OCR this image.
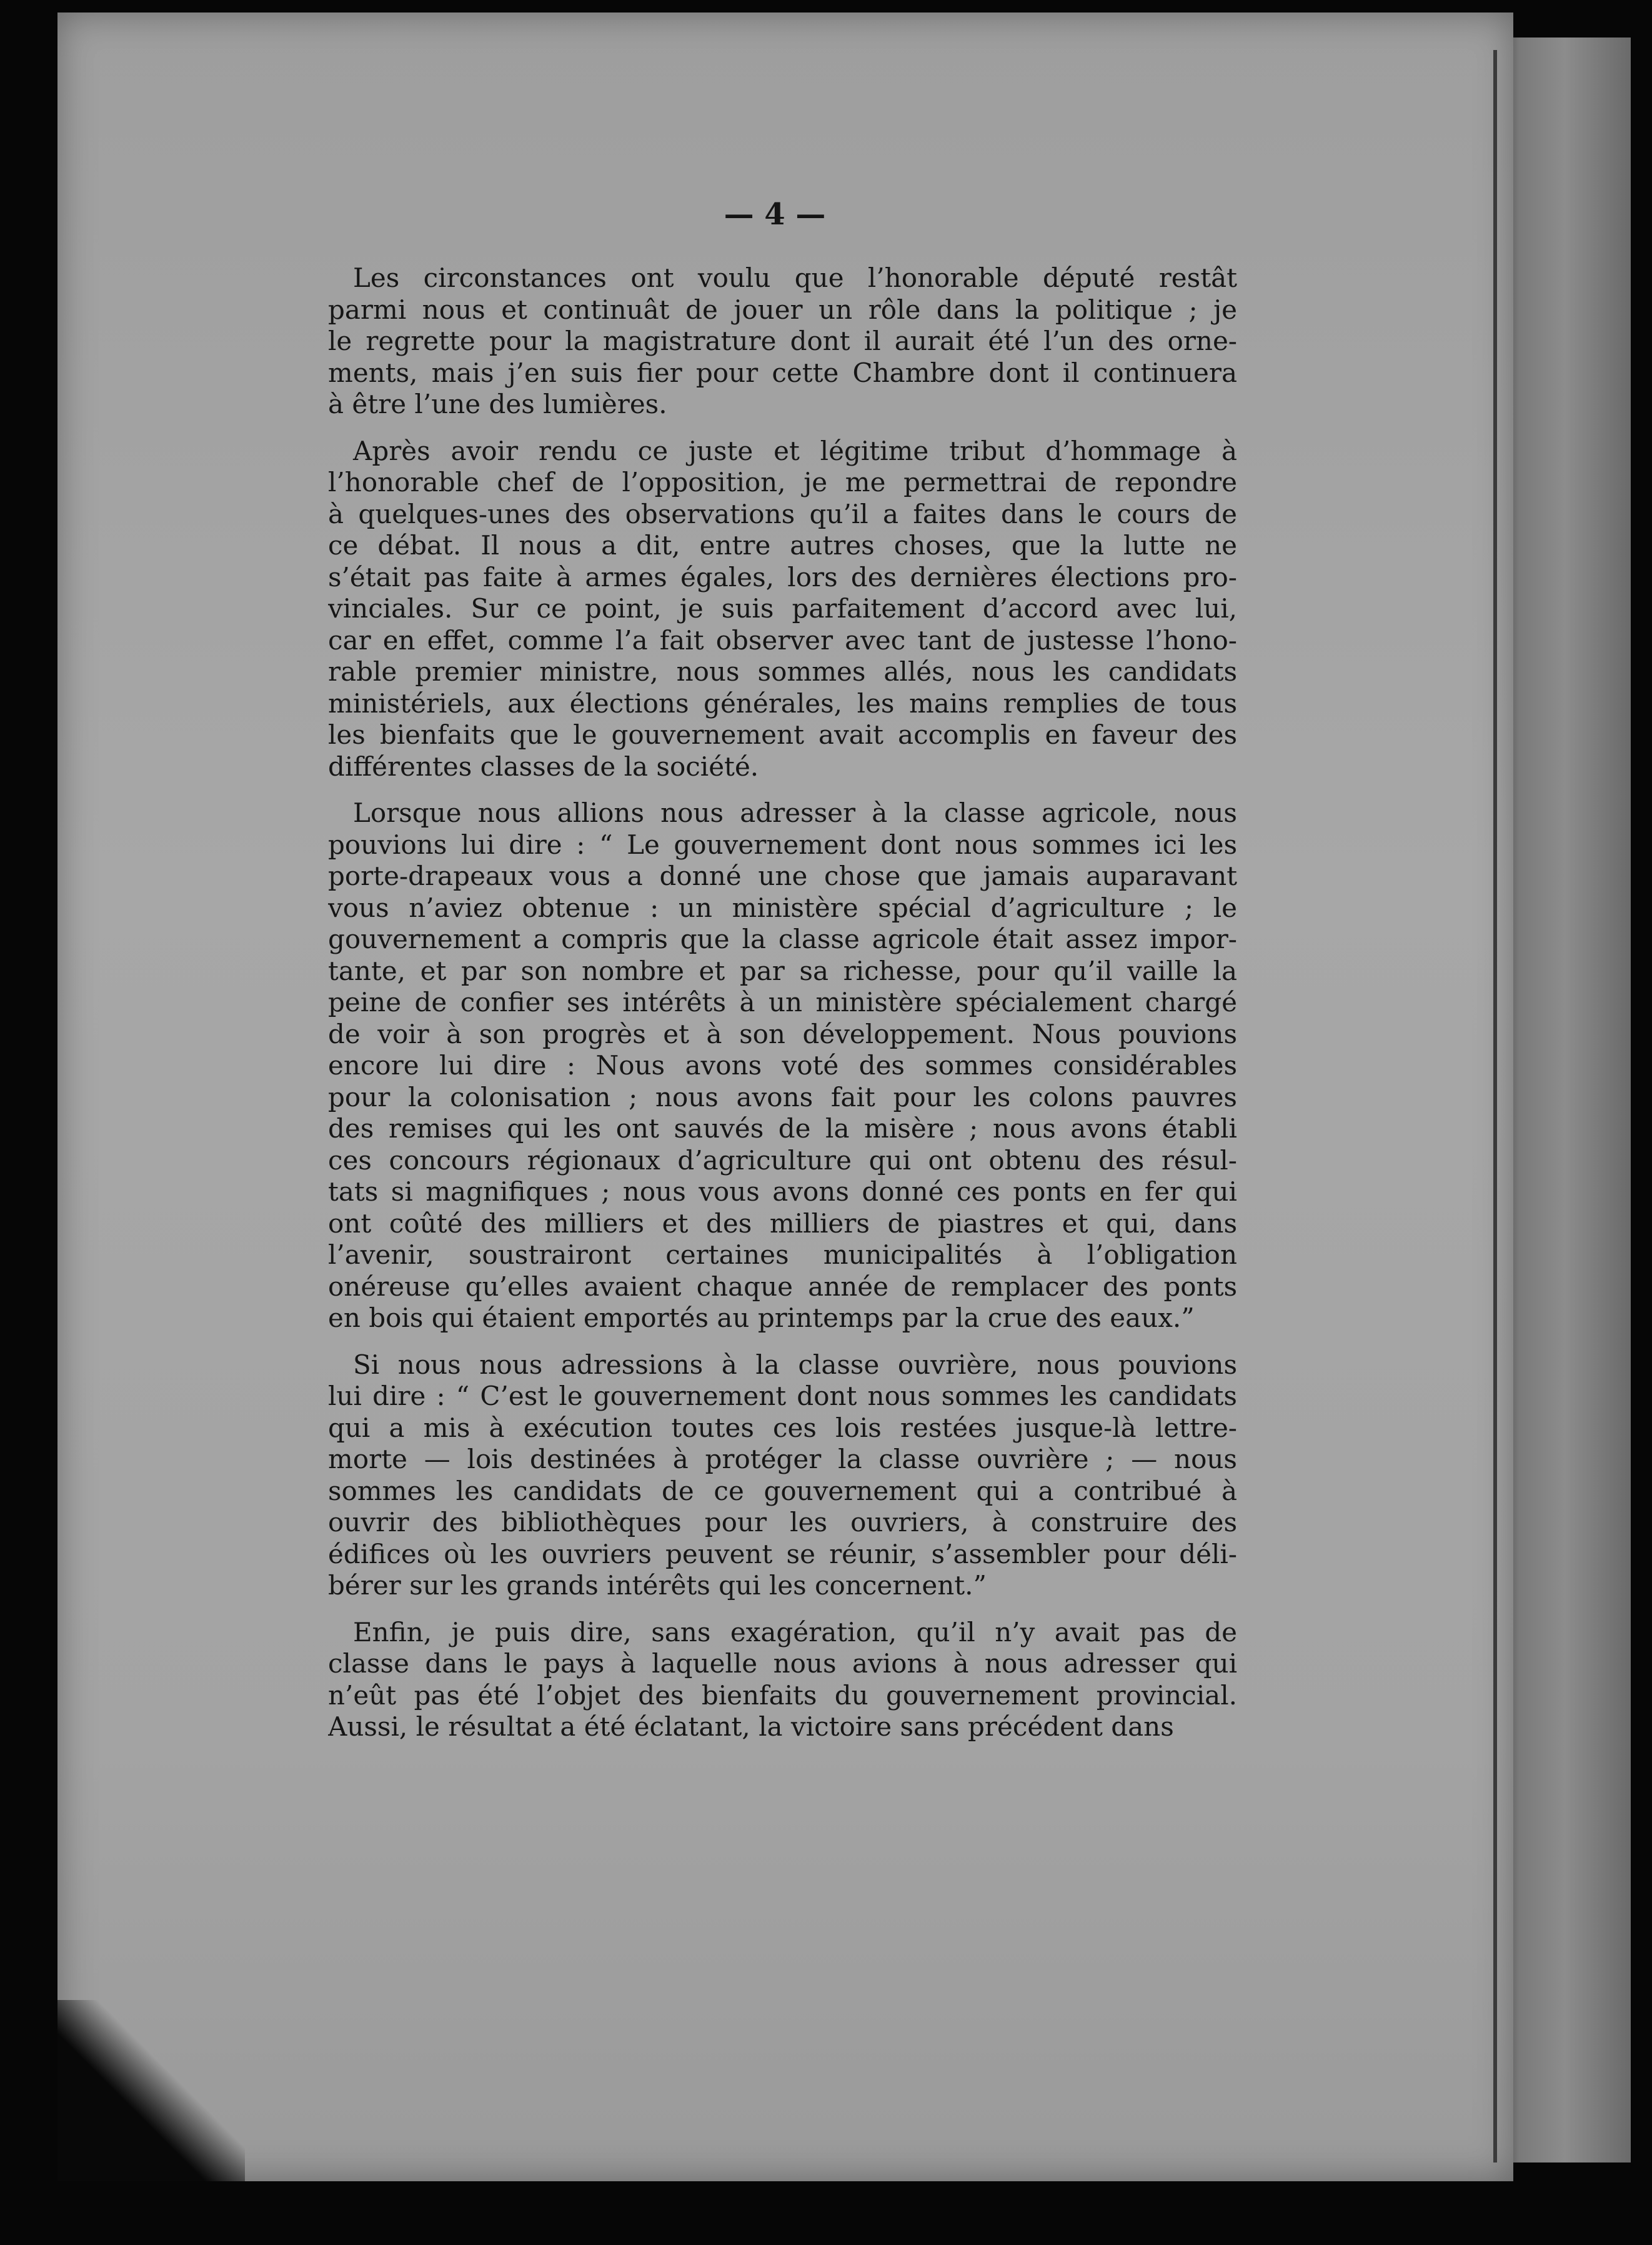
— 4 —
Les circonstances ont voulu que l’honorable député restât
parmi nous et continuât de jouer un rôle dans la politique ; je
le regrette pour la magistrature dont il aurait été l’un des orne-
ments, mais j’en suis fier pour cette Chambre dont il continuera
à être l’une des lumières.
Après avoir rendu ce juste et légitime tribut d’hommage à
l’honorable chef de l’opposition, je me permettrai de repondre
à quelques-unes des observations qu’il a faites dans le cours de
ce débat. Il nous a dit, entre autres choses, que la lutte ne
s’était pas faite à armes égales, lors des dernières élections pro-
vinciales. Sur ce point, je suis parfaitement d’accord avec lui,
car en effet, comme l’a fait observer avec tant de justesse l’hono-
rable premier ministre, nous sommes allés, nous les candidats
ministériels, aux élections générales, les mains remplies de tous
les bienfaits que le gouvernement avait accomplis en faveur des
différentes classes de la société.
Lorsque nous allions nous adresser à la classe agricole, nous
pouvions lui dire : “ Le gouvernement dont nous sommes ici les
porte-drapeaux vous a donné une chose que jamais auparavant
vous n’aviez obtenue : un ministère spécial d’agriculture ; le
gouvernement a compris que la classe agricole était assez impor-
tante, et par son nombre et par sa richesse, pour qu’il vaille la
peine de confier ses intérêts à un ministère spécialement chargé
de voir à son progrès et à son développement. Nous pouvions
encore lui dire : Nous avons voté des sommes considérables
pour la colonisation ; nous avons fait pour les colons pauvres
des remises qui les ont sauvés de la misère ; nous avons établi
ces concours régionaux d’agriculture qui ont obtenu des résul-
tats si magnifiques ; nous vous avons donné ces ponts en fer qui
ont coûté des milliers et des milliers de piastres et qui, dans
l’avenir, soustrairont certaines municipalités à l’obligation
onéreuse qu’elles avaient chaque année de remplacer des ponts
en bois qui étaient emportés au printemps par la crue des eaux.”
Si nous nous adressions à la classe ouvrière, nous pouvions
lui dire : “ C’est le gouvernement dont nous sommes les candidats
qui a mis à exécution toutes ces lois restées jusque-là lettre-
morte — lois destinées à protéger la classe ouvrière ; — nous
sommes les candidats de ce gouvernement qui a contribué à
ouvrir des bibliothèques pour les ouvriers, à construire des
édifices où les ouvriers peuvent se réunir, s’assembler pour déli-
bérer sur les grands intérêts qui les concernent.”
Enfin, je puis dire, sans exagération, qu’il n’y avait pas de
classe dans le pays à laquelle nous avions à nous adresser qui
n’eût pas été l’objet des bienfaits du gouvernement provincial.
Aussi, le résultat a été éclatant, la victoire sans précédent dans
